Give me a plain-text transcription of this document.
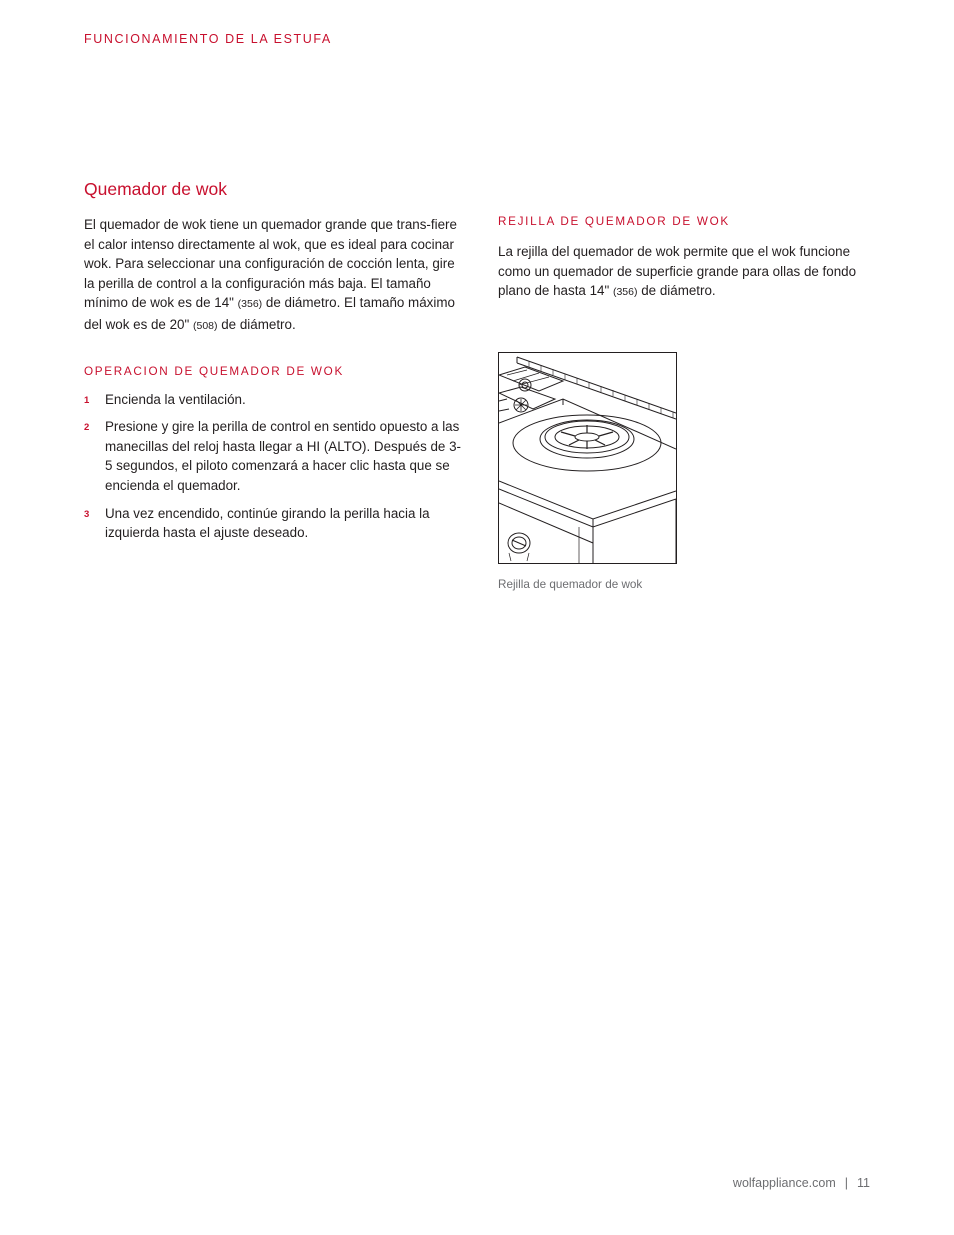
FUNCIONAMIENTO DE LA ESTUFA
Quemador de wok

El quemador de wok tiene un quemador grande que trans-fiere el calor intenso directamente al wok, que es ideal para cocinar wok. Para seleccionar una configuración de cocción lenta, gire la perilla de control a la configuración más baja. El tamaño mínimo de wok es de 14" (356) de diámetro. El tamaño máximo del wok es de 20" (508) de diámetro.

OPERACION DE QUEMADOR DE WOK
1 Encienda la ventilación.
2 Presione y gire la perilla de control en sentido opuesto a las manecillas del reloj hasta llegar a HI (ALTO). Después de 3-5 segundos, el piloto comenzará a hacer clic hasta que se encienda el quemador.
3 Una vez encendido, continúe girando la perilla hacia la izquierda hasta el ajuste deseado.
REJILLA DE QUEMADOR DE WOK

La rejilla del quemador de wok permite que el wok funcione como un quemador de superficie grande para ollas de fondo plano de hasta 14" (356) de diámetro.

Rejilla de quemador de wok
wolfappliance.com | 11
